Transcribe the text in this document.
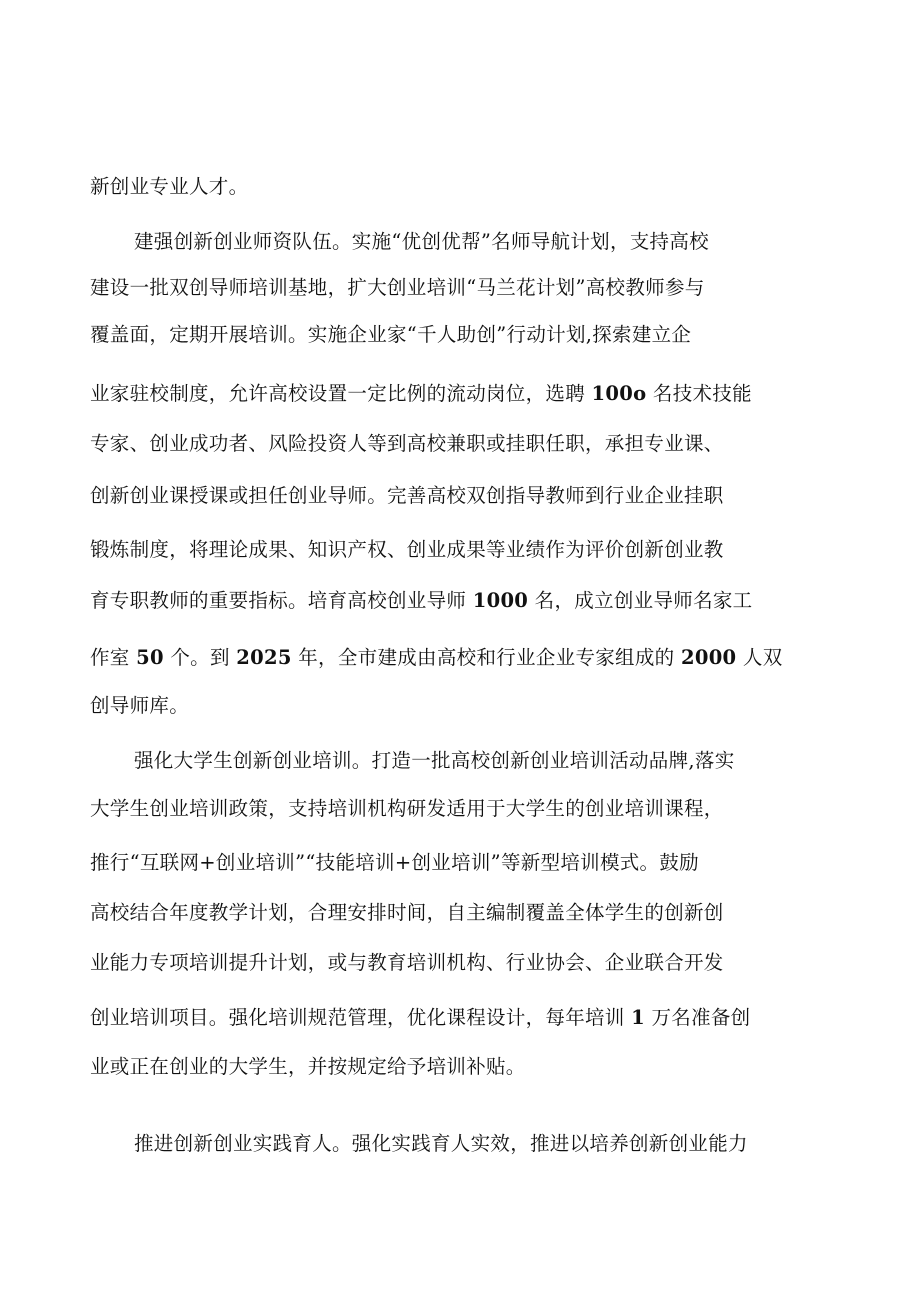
新创业专业人才。
建强创新创业师资队伍。实施“优创优帮”名师导航计划，支持高校
建设一批双创导师培训基地，扩大创业培训“马兰花计划”高校教师参与
覆盖面，定期开展培训。实施企业家“千人助创”行动计划,探索建立企
业家驻校制度，允许高校设置一定比例的流动岗位，选聘 100o 名技术技能
专家、创业成功者、风险投资人等到高校兼职或挂职任职，承担专业课、
创新创业课授课或担任创业导师。完善高校双创指导教师到行业企业挂职
锻炼制度，将理论成果、知识产权、创业成果等业绩作为评价创新创业教
育专职教师的重要指标。培育高校创业导师 1000 名，成立创业导师名家工
作室 50 个。到 2025 年，全市建成由高校和行业企业专家组成的 2000 人双
创导师库。
强化大学生创新创业培训。打造一批高校创新创业培训活动品牌,落实
大学生创业培训政策，支持培训机构研发适用于大学生的创业培训课程，
推行“互联网+创业培训”“技能培训+创业培训”等新型培训模式。鼓励
高校结合年度教学计划，合理安排时间，自主编制覆盖全体学生的创新创
业能力专项培训提升计划，或与教育培训机构、行业协会、企业联合开发
创业培训项目。强化培训规范管理，优化课程设计，每年培训 1 万名准备创
业或正在创业的大学生，并按规定给予培训补贴。
推进创新创业实践育人。强化实践育人实效，推进以培养创新创业能力
